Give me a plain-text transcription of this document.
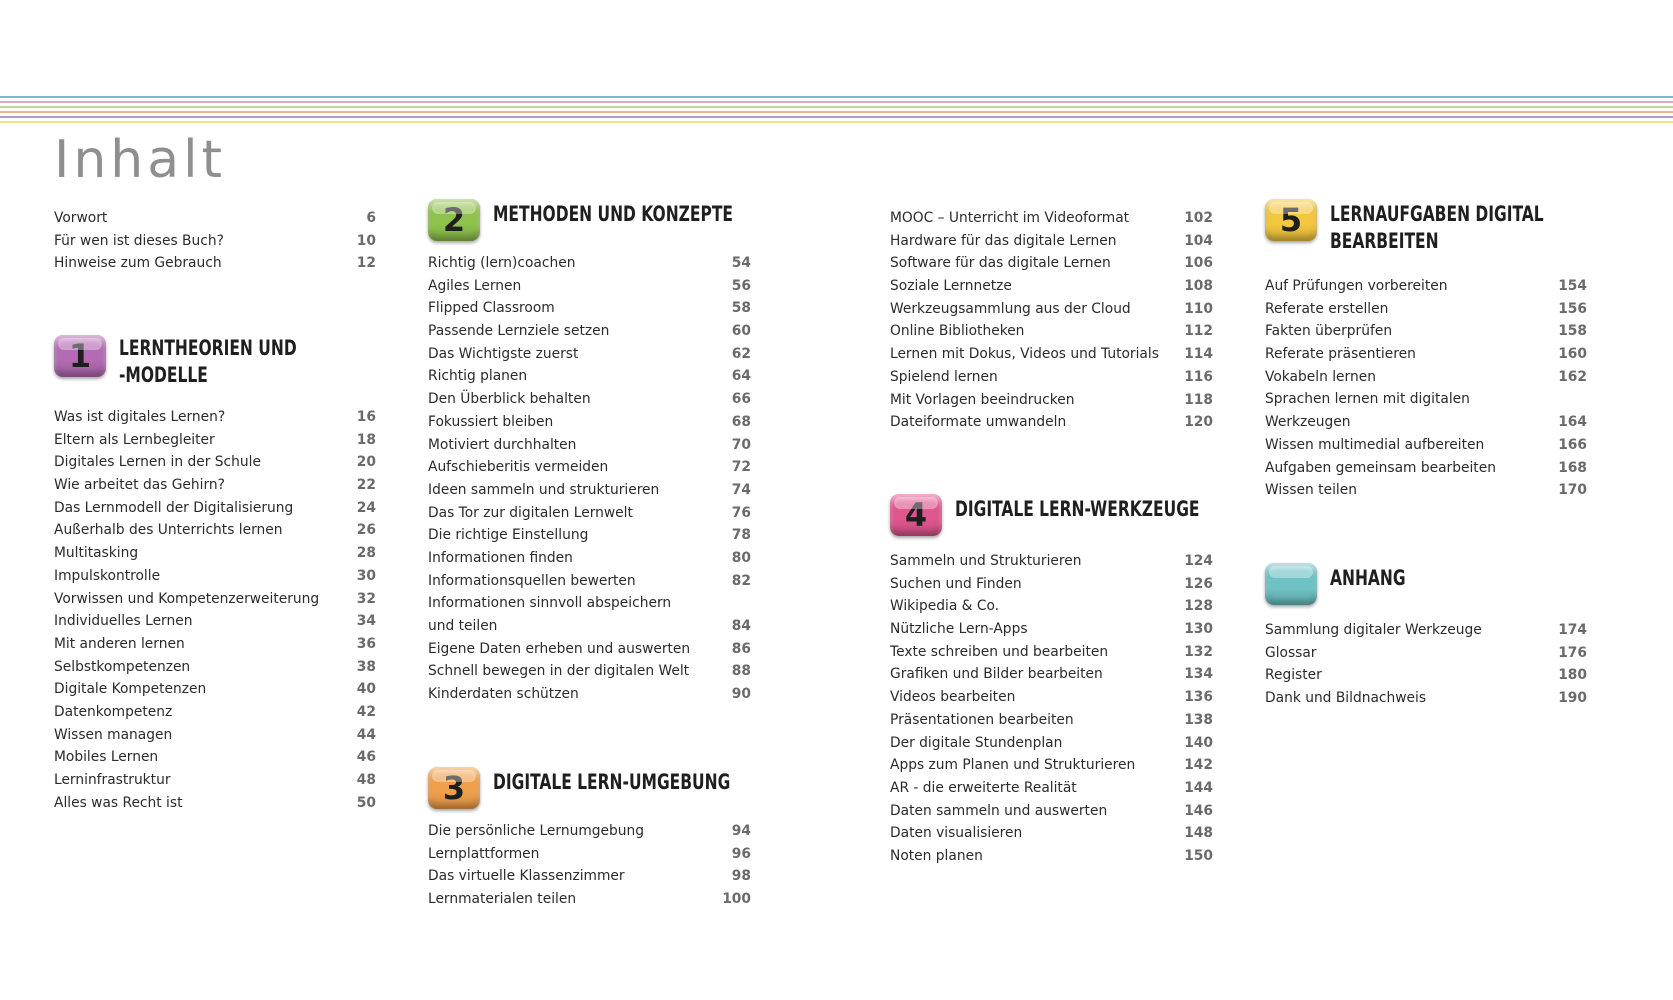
Inhalt
Vorwort	6
Für wen ist dieses Buch?	10
Hinweise zum Gebrauch	12
1	LERNTHEORIEN UND
-MODELLE
Was ist digitales Lernen?	16
Eltern als Lernbegleiter	18
Digitales Lernen in der Schule	20
Wie arbeitet das Gehirn?	22
Das Lernmodell der Digitalisierung	24
Außerhalb des Unterrichts lernen	26
Multitasking	28
Impulskontrolle	30
Vorwissen und Kompetenzerweiterung	32
Individuelles Lernen	34
Mit anderen lernen	36
Selbstkompetenzen	38
Digitale Kompetenzen	40
Datenkompetenz	42
Wissen managen	44
Mobiles Lernen	46
Lerninfrastruktur	48
Alles was Recht ist	50
2	METHODEN UND KONZEPTE
Richtig (lern)coachen	54
Agiles Lernen	56
Flipped Classroom	58
Passende Lernziele setzen	60
Das Wichtigste zuerst	62
Richtig planen	64
Den Überblick behalten	66
Fokussiert bleiben	68
Motiviert durchhalten	70
Aufschieberitis vermeiden	72
Ideen sammeln und strukturieren	74
Das Tor zur digitalen Lernwelt	76
Die richtige Einstellung	78
Informationen finden	80
Informationsquellen bewerten	82
Informationen sinnvoll abspeichern
und teilen	84
Eigene Daten erheben und auswerten	86
Schnell bewegen in der digitalen Welt	88
Kinderdaten schützen	90
3	DIGITALE LERN-UMGEBUNG
Die persönliche Lernumgebung	94
Lernplattformen	96
Das virtuelle Klassenzimmer	98
Lernmaterialen teilen	100
MOOC – Unterricht im Videoformat	102
Hardware für das digitale Lernen	104
Software für das digitale Lernen	106
Soziale Lernnetze	108
Werkzeugsammlung aus der Cloud	110
Online Bibliotheken	112
Lernen mit Dokus, Videos und Tutorials 114
Spielend lernen	116
Mit Vorlagen beeindrucken	118
Dateiformate umwandeln	120
4	DIGITALE LERN-WERKZEUGE
Sammeln und Strukturieren	124
Suchen und Finden	126
Wikipedia & Co.	128
Nützliche Lern-Apps	130
Texte schreiben und bearbeiten	132
Grafiken und Bilder bearbeiten	134
Videos bearbeiten	136
Präsentationen bearbeiten	138
Der digitale Stundenplan	140
Apps zum Planen und Strukturieren	142
AR - die erweiterte Realität	144
Daten sammeln und auswerten	146
Daten visualisieren	148
Noten planen	150
5	LERNAUFGABEN DIGITAL
BEARBEITEN
Auf Prüfungen vorbereiten	154
Referate erstellen	156
Fakten überprüfen	158
Referate präsentieren	160
Vokabeln lernen	162
Sprachen lernen mit digitalen
Werkzeugen	164
Wissen multimedial aufbereiten	166
Aufgaben gemeinsam bearbeiten	168
Wissen teilen	170
ANHANG
Sammlung digitaler Werkzeuge	174
Glossar	176
Register	180
Dank und Bildnachweis	190
